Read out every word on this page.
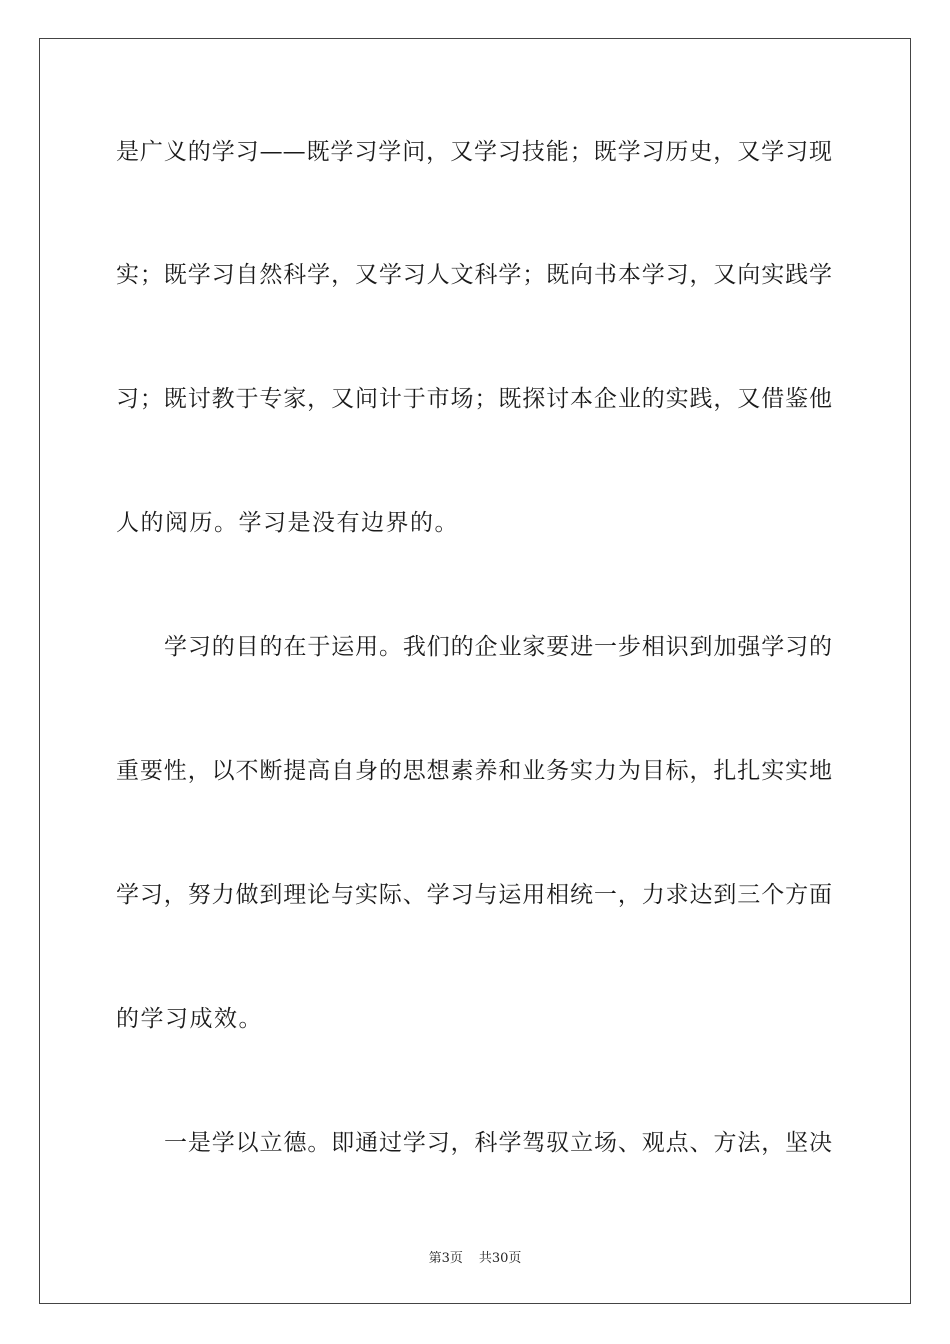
是广义的学习——既学习学问，又学习技能；既学习历史，又学习现
实；既学习自然科学，又学习人文科学；既向书本学习，又向实践学
习；既讨教于专家，又问计于市场；既探讨本企业的实践，又借鉴他
人的阅历。学习是没有边界的。
学习的目的在于运用。我们的企业家要进一步相识到加强学习的
重要性，以不断提高自身的思想素养和业务实力为目标，扎扎实实地
学习，努力做到理论与实际、学习与运用相统一，力求达到三个方面
的学习成效。
一是学以立德。即通过学习，科学驾驭立场、观点、方法，坚决
第3页 共30页
